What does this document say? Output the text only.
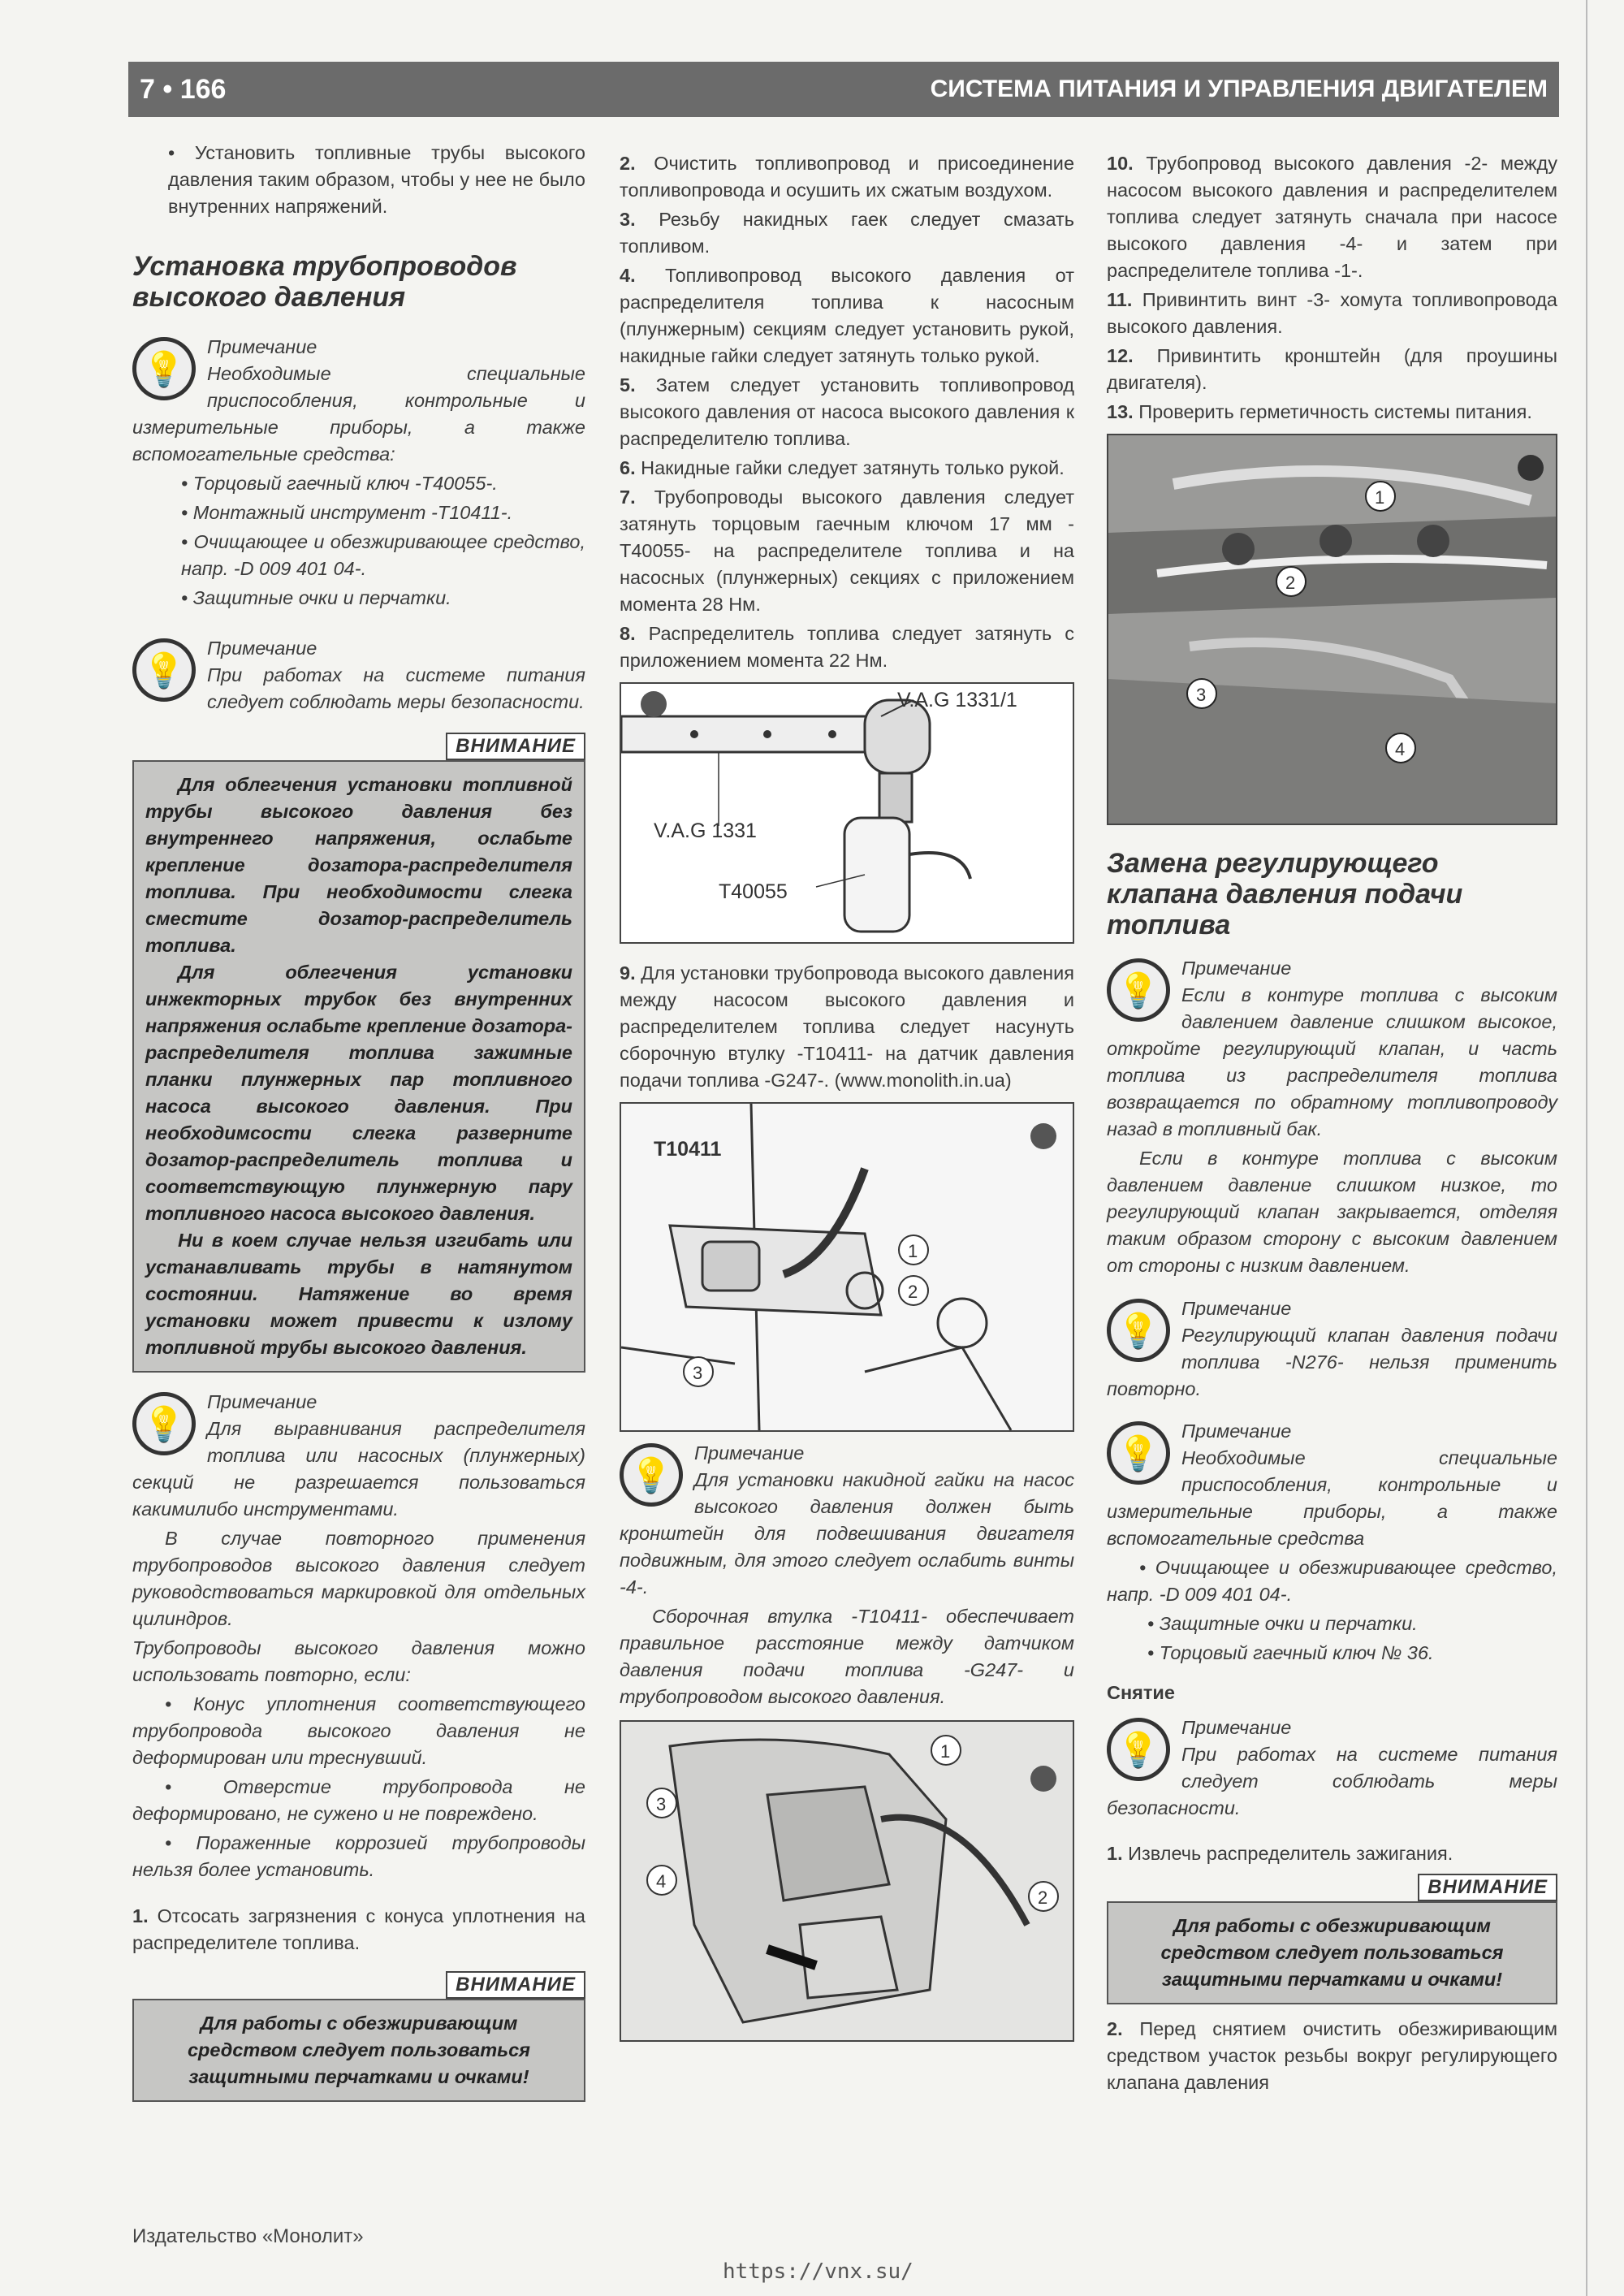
7 • 166	СИСТЕМА ПИТАНИЯ И УПРАВЛЕНИЯ ДВИГАТЕЛЕМ

• Установить топливные трубы высокого давления таким образом, чтобы у нее не было внутренних напряжений.

Установка трубопроводов высокого давления
💡
Примечание

Необходимые специальные приспособления, контрольные и измерительные приборы, а также вспомогательные средства:

• Торцовый гаечный ключ -T40055-.

• Монтажный инструмент -T10411-.

• Очищающее и обезжиривающее средство, напр. -D 009 401 04-.

• Защитные очки и перчатки.

💡
Примечание

При работах на системе питания следует соблюдать меры безопасности.

ВНИМАНИЕ

Для облегчения установки топливной трубы высокого давления без внутреннего напряжения, ослабьте крепление дозатора-распределителя топлива. При необходимости слегка сместите дозатор-распределитель топлива.

Для облегчения установки инжекторных трубок без внутренних напряжения ослабьте крепление дозатора-распределителя топлива зажимные планки плунжерных пар топливного насоса высокого давления. При необходимсости слегка разверните дозатор-распределитель топлива и соответствующую плунжерную пару топливного насоса высокого давления.

Ни в коем случае нельзя изгибать или устанавливать трубы в натянутом состоянии. Натяжение во время установки может привести к излому топливной трубы высокого давления.

💡
Примечание

Для выравнивания распределителя топлива или насосных (плунжерных) секций не разрешается пользоваться какимилибо инструментами.

В случае повторного применения трубопроводов высокого давления следует руководствоваться маркировкой для отдельных цилиндров.

Трубопроводы высокого давления можно использовать повторно, если:

• Конус уплотнения соответствующего трубопровода высокого давления не деформирован или треснувший.

• Отверстие трубопровода не деформировано, не сужено и не повреждено.

• Пораженные коррозией трубопроводы нельзя более установить.

1. Отсосать загрязнения с конуса уплотнения на распределителе топлива.

ВНИМАНИЕ

Для работы с обезжиривающим средством следует пользоваться защитными перчатками и очками!

2. Очистить топливопровод и присоединение топливопровода и осушить их сжатым воздухом.

3. Резьбу накидных гаек следует смазать топливом.

4. Топливопровод высокого давления от распределителя топлива к насосным (плунжерным) секциям следует установить рукой, накидные гайки следует затянуть только рукой.

5. Затем следует установить топливопровод высокого давления от насоса высокого давления к распределителю топлива.

6. Накидные гайки следует затянуть только рукой.

7. Трубопроводы высокого давления следует затянуть торцовым гаечным ключом 17 мм -T40055- на распределителе топлива и на насосных (плунжерных) секциях с приложением момента 28 Нм.

8. Распределитель топлива следует затянуть с приложением момента 22 Нм.

V.A.G 1331/1
V.A.G 1331
T40055

9. Для установки трубопровода высокого давления между насосом высокого давления и распределителем топлива следует насунуть сборочную втулку -T10411- на датчик давления подачи топлива -G247-. (www.monolith.in.ua)

T10411
1
2
3
💡
Примечание

Для установки накидной гайки на насос высокого давления должен быть кронштейн для подвешивания двигателя подвижным, для этого следует ослабить винты -4-.

Сборочная втулка -T10411- обеспечивает правильное расстояние между датчиком давления подачи топлива -G247- и трубопроводом высокого давления.

1
2
3
4

10. Трубопровод высокого давления -2- между насосом высокого давления и распределителем топлива следует затянуть сначала при насосе высокого давления -4- и затем при распределителе топлива -1-.

11. Привинтить винт -3- хомута топливопровода высокого давления.

12. Привинтить кронштейн (для проушины двигателя).

13. Проверить герметичность системы питания.

1
2
3
4
Замена регулирующего клапана давления подачи топлива
💡
Примечание

Если в контуре топлива с высоким давлением давление слишком высокое, откройте регулирующий клапан, и часть топлива из распределителя топлива возвращается по обратному топливопроводу назад в топливный бак.

Если в контуре топлива с высоким давлением давление слишком низкое, то регулирующий клапан закрывается, отделяя таким образом сторону с высоким давлением от стороны с низким давлением.

💡
Примечание

Регулирующий клапан давления подачи топлива -N276- нельзя применить повторно.

💡
Примечание

Необходимые специальные приспособления, контрольные и измерительные приборы, а также вспомогательные средства

• Очищающее и обезжиривающее средство, напр. -D 009 401 04-.

• Защитные очки и перчатки.

• Торцовый гаечный ключ № 36.

Снятие
💡
Примечание

При работах на системе питания следует соблюдать меры безопасности.

1. Извлечь распределитель зажигания.

ВНИМАНИЕ

Для работы с обезжиривающим средством следует пользоваться защитными перчатками и очками!

2. Перед снятием очистить обезжиривающим средством участок резьбы вокруг регулирующего клапана давления

Издательство «Монолит»
https://vnx.su/
